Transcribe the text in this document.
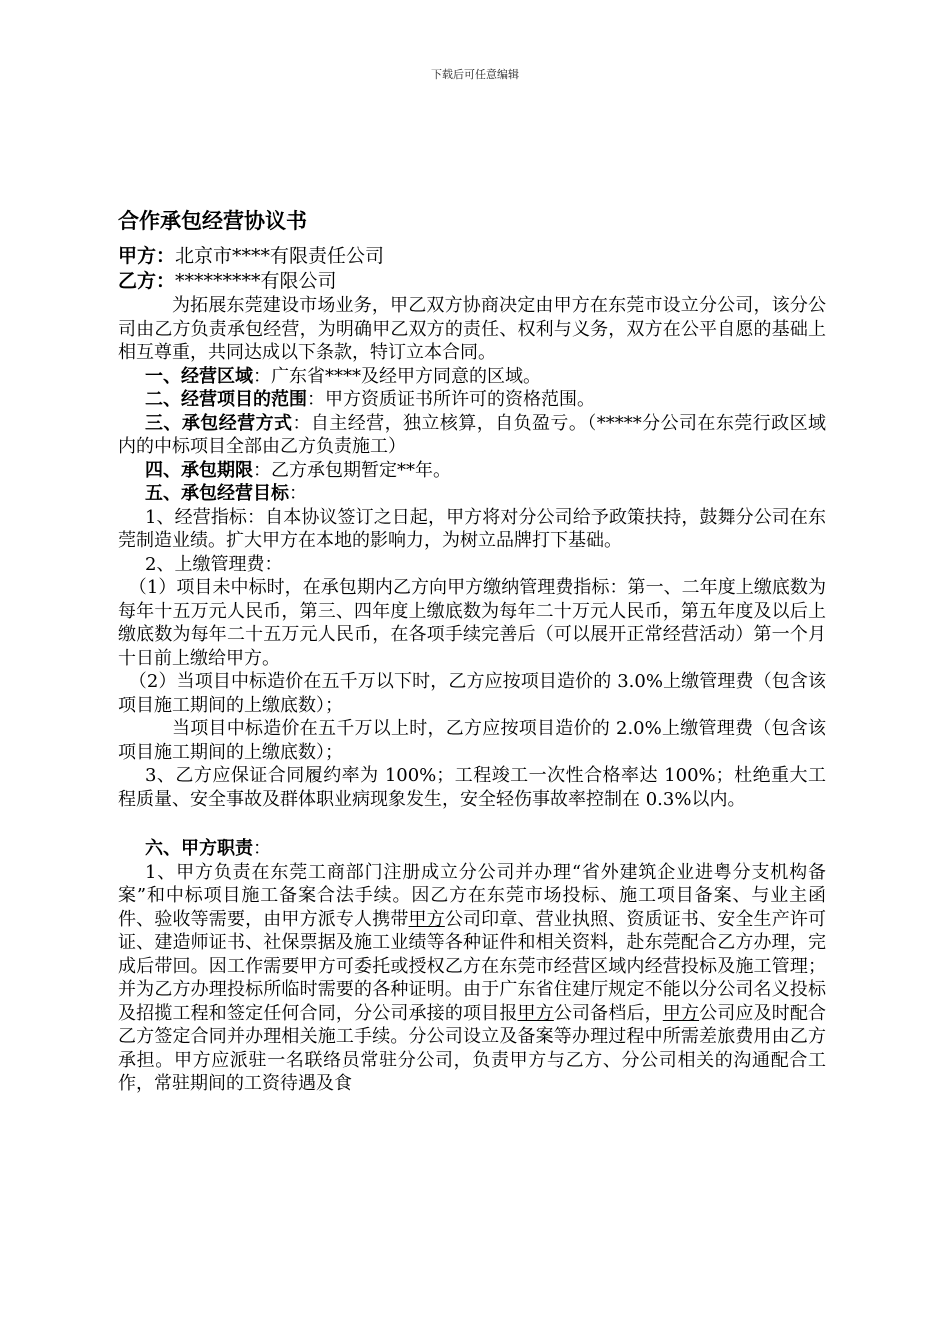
下载后可任意编辑
合作承包经营协议书

甲方：北京市****有限责任公司

乙方：*********有限公司

为拓展东莞建设市场业务，甲乙双方协商决定由甲方在东莞市设立分公司，该分公司由乙方负责承包经营，为明确甲乙双方的责任、权利与义务，双方在公平自愿的基础上相互尊重，共同达成以下条款，特订立本合同。

一、经营区域：广东省****及经甲方同意的区域。

二、经营项目的范围：甲方资质证书所许可的资格范围。

三、承包经营方式：自主经营，独立核算，自负盈亏。（*****分公司在东莞行政区域内的中标项目全部由乙方负责施工）

四、承包期限：乙方承包期暂定**年。

五、承包经营目标：

1、经营指标：自本协议签订之日起，甲方将对分公司给予政策扶持，鼓舞分公司在东莞制造业绩。扩大甲方在本地的影响力，为树立品牌打下基础。

2、上缴管理费：

（1）项目未中标时，在承包期内乙方向甲方缴纳管理费指标：第一、二年度上缴底数为每年十五万元人民币，第三、四年度上缴底数为每年二十万元人民币，第五年度及以后上缴底数为每年二十五万元人民币，在各项手续完善后（可以展开正常经营活动）第一个月十日前上缴给甲方。

（2）当项目中标造价在五千万以下时，乙方应按项目造价的 3.0%上缴管理费（包含该项目施工期间的上缴底数）；

当项目中标造价在五千万以上时，乙方应按项目造价的 2.0%上缴管理费（包含该项目施工期间的上缴底数）；

3、乙方应保证合同履约率为 100%；工程竣工一次性合格率达 100%；杜绝重大工程质量、安全事故及群体职业病现象发生，安全轻伤事故率控制在 0.3%以内。

六、甲方职责：

1、甲方负责在东莞工商部门注册成立分公司并办理“省外建筑企业进粤分支机构备案”和中标项目施工备案合法手续。因乙方在东莞市场投标、施工项目备案、与业主函件、验收等需要，由甲方派专人携带甲方公司印章、营业执照、资质证书、安全生产许可证、建造师证书、社保票据及施工业绩等各种证件和相关资料，赴东莞配合乙方办理，完成后带回。因工作需要甲方可委托或授权乙方在东莞市经营区域内经营投标及施工管理；并为乙方办理投标所临时需要的各种证明。由于广东省住建厅规定不能以分公司名义投标及招揽工程和签定任何合同，分公司承接的项目报甲方公司备档后，甲方公司应及时配合乙方签定合同并办理相关施工手续。分公司设立及备案等办理过程中所需差旅费用由乙方承担。甲方应派驻一名联络员常驻分公司，负责甲方与乙方、分公司相关的沟通配合工作，常驻期间的工资待遇及食
